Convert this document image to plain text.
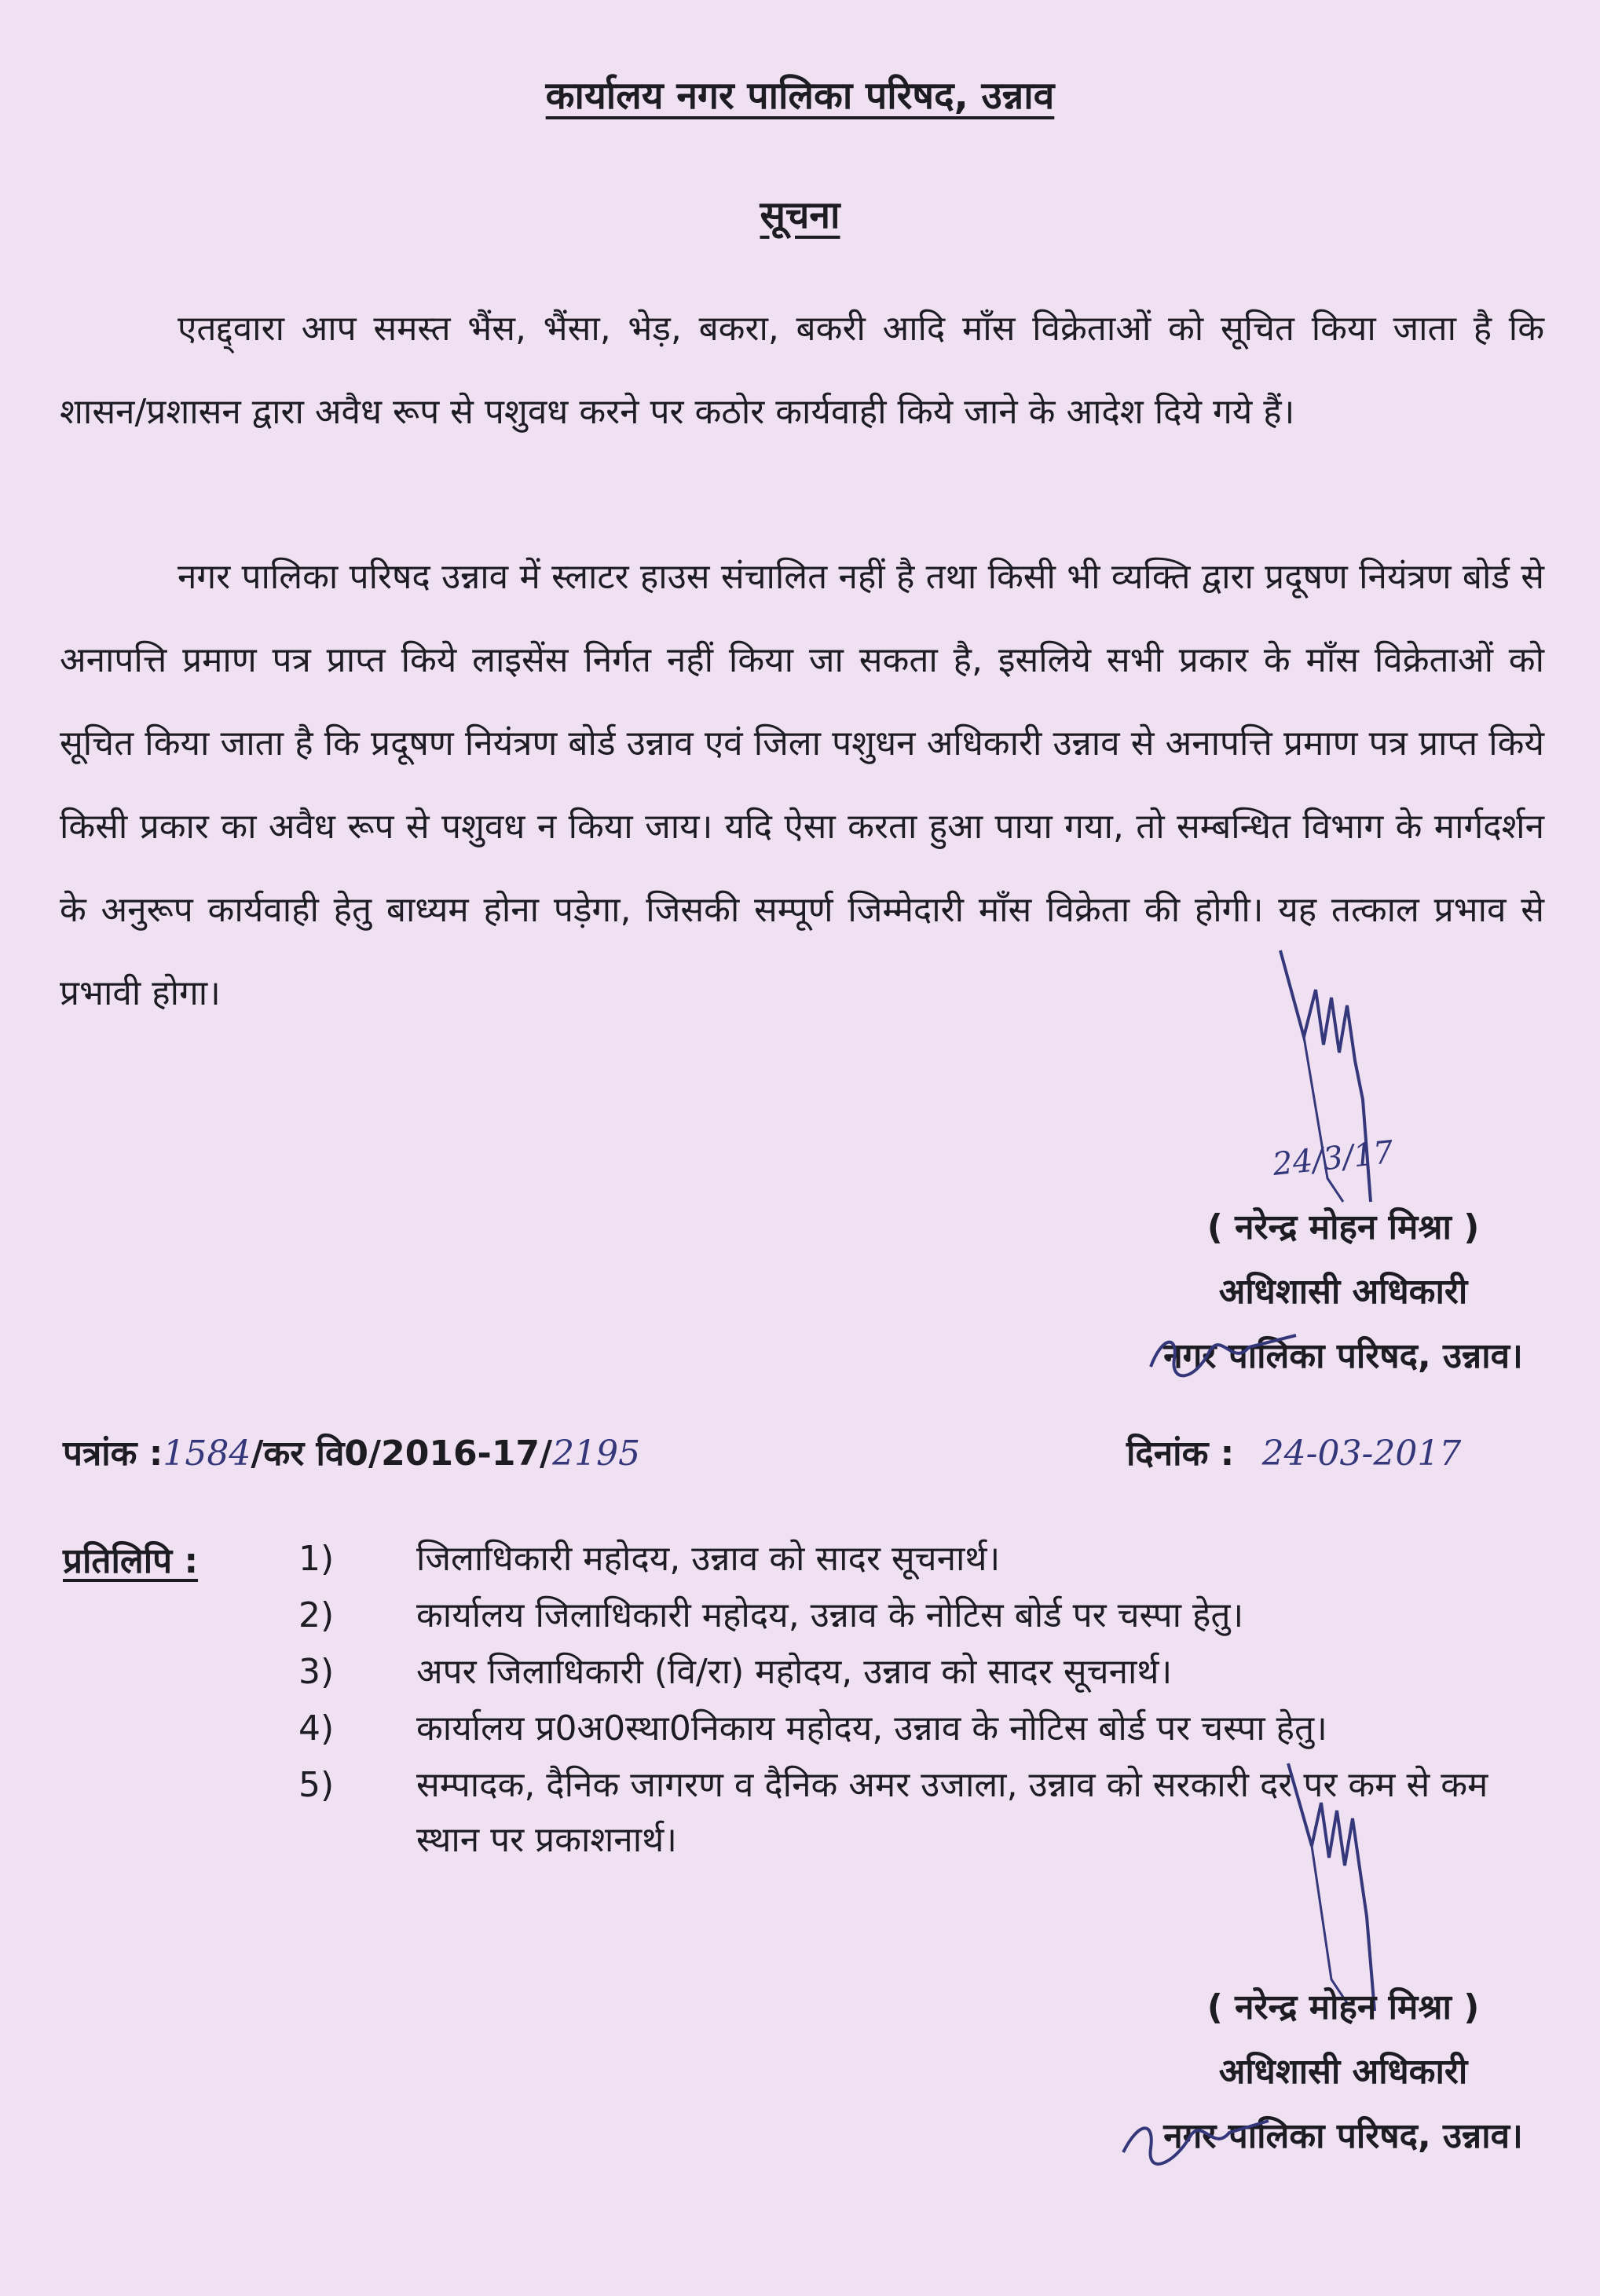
कार्यालय नगर पालिका परिषद, उन्नाव
सूचना
एतद्द्वारा आप समस्त भैंस, भैंसा, भेड़, बकरा, बकरी आदि माँस विक्रेताओं को सूचित किया जाता है कि शासन/प्रशासन द्वारा अवैध रूप से पशुवध करने पर कठोर कार्यवाही किये जाने के आदेश दिये गये हैं।
नगर पालिका परिषद उन्नाव में स्लाटर हाउस संचालित नहीं है तथा किसी भी व्यक्ति द्वारा प्रदूषण नियंत्रण बोर्ड से अनापत्ति प्रमाण पत्र प्राप्त किये लाइसेंस निर्गत नहीं किया जा सकता है, इसलिये सभी प्रकार के माँस विक्रेताओं को सूचित किया जाता है कि प्रदूषण नियंत्रण बोर्ड उन्नाव एवं जिला पशुधन अधिकारी उन्नाव से अनापत्ति प्रमाण पत्र प्राप्त किये किसी प्रकार का अवैध रूप से पशुवध न किया जाय। यदि ऐसा करता हुआ पाया गया, तो सम्बन्धित विभाग के मार्गदर्शन के अनुरूप कार्यवाही हेतु बाध्यम होना पड़ेगा, जिसकी सम्पूर्ण जिम्मेदारी माँस विक्रेता की होगी। यह तत्काल प्रभाव से प्रभावी होगा।
24/3/17
( नरेन्द्र मोहन मिश्रा )
अधिशासी अधिकारी
नगर पालिका परिषद, उन्नाव।
पत्रांक :1584/कर वि0/2016-17/2195	दिनांक : 24-03-2017
प्रतिलिपि :	1)	जिलाधिकारी महोदय, उन्नाव को सादर सूचनार्थ।
2)	कार्यालय जिलाधिकारी महोदय, उन्नाव के नोटिस बोर्ड पर चस्पा हेतु।
3)	अपर जिलाधिकारी (वि/रा) महोदय, उन्नाव को सादर सूचनार्थ।
4)	कार्यालय प्र0अ0स्था0निकाय महोदय, उन्नाव के नोटिस बोर्ड पर चस्पा हेतु।
5)	सम्पादक, दैनिक जागरण व दैनिक अमर उजाला, उन्नाव को सरकारी दर पर कम से कम स्थान पर प्रकाशनार्थ।
( नरेन्द्र मोहन मिश्रा )
अधिशासी अधिकारी
नगर पालिका परिषद, उन्नाव।
